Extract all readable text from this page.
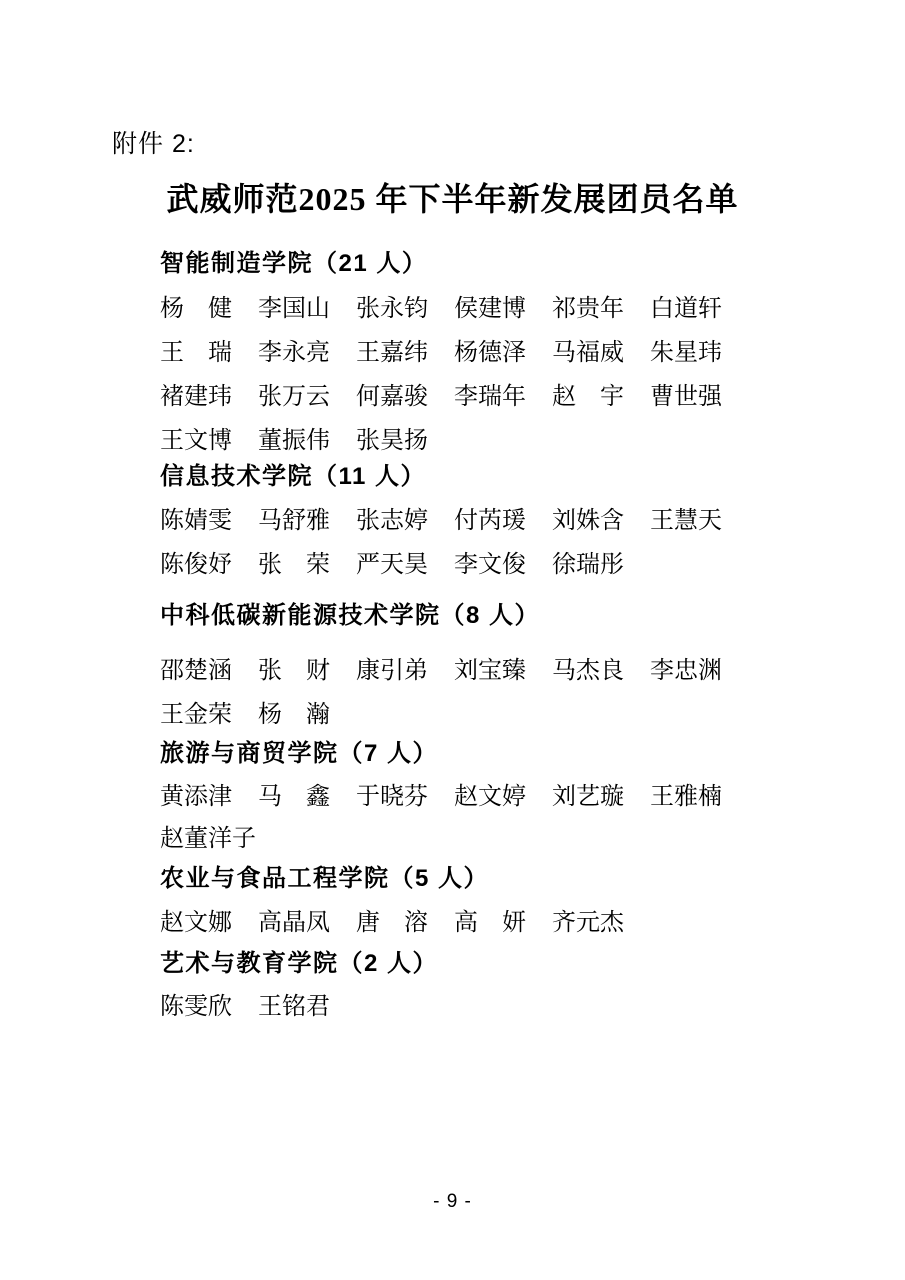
附件 2:
武威师范2025 年下半年新发展团员名单
智能制造学院（21 人）
杨　健 李国山 张永钧 侯建博 祁贵年 白道轩
王　瑞 李永亮 王嘉纬 杨德泽 马福威 朱星玮
褚建玮 张万云 何嘉骏 李瑞年 赵　宇 曹世强
王文博 董振伟 张昊扬
信息技术学院（11 人）
陈婧雯 马舒雅 张志婷 付芮瑗 刘姝含 王慧天
陈俊妤 张　荣 严天昊 李文俊 徐瑞彤
中科低碳新能源技术学院（8 人）
邵楚涵 张　财 康引弟 刘宝臻 马杰良 李忠渊
王金荣 杨　瀚
旅游与商贸学院（7 人）
黄添津 马　鑫 于晓芬 赵文婷 刘艺璇 王雅楠
赵董洋子
农业与食品工程学院（5 人）
赵文娜 高晶凤 唐　溶 高　妍 齐元杰
艺术与教育学院（2 人）
陈雯欣 王铭君
- 9 -
